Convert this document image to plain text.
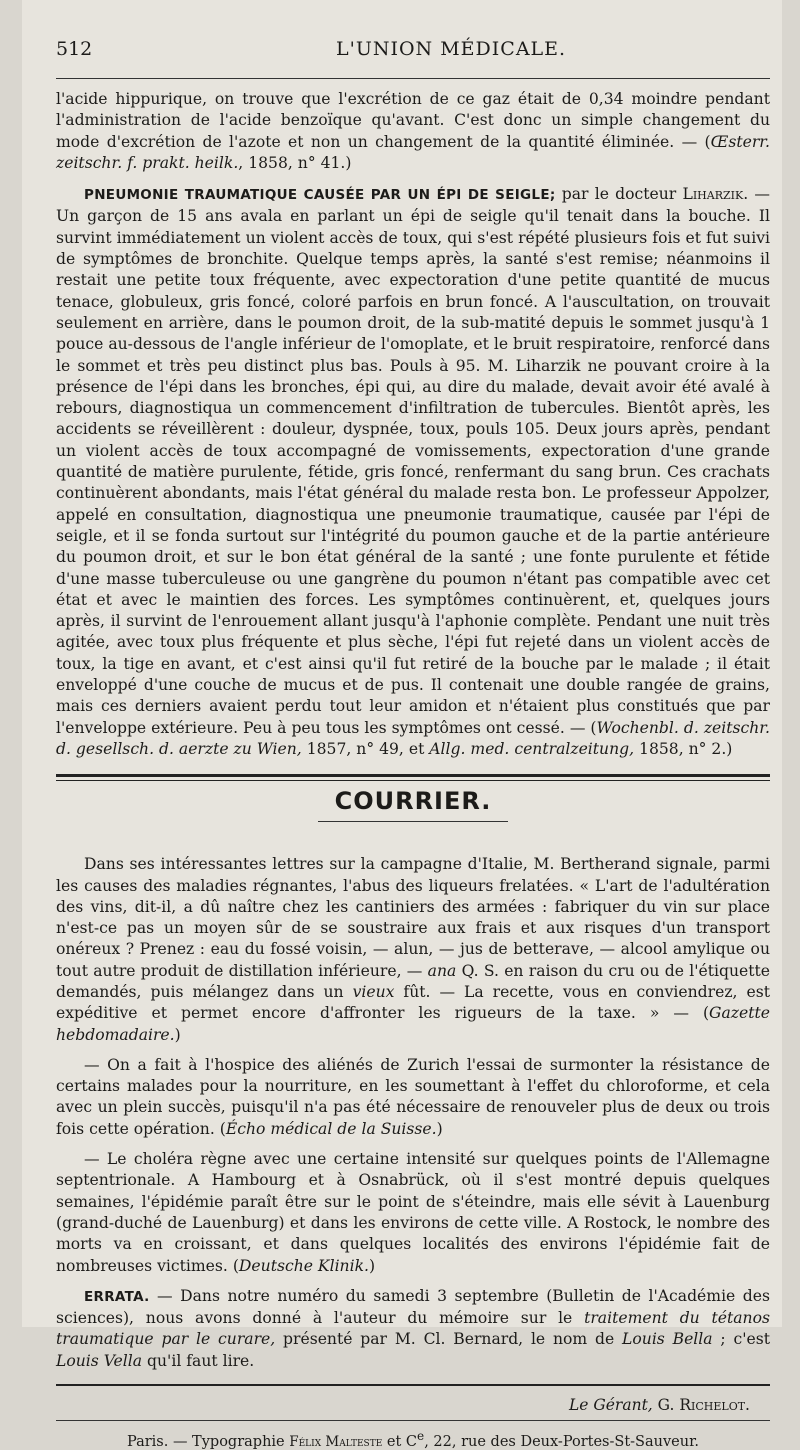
512	L'UNION MÉDICALE.

l'acide hippurique, on trouve que l'excrétion de ce gaz était de 0,34 moindre pendant l'administration de l'acide benzoïque qu'avant. C'est donc un simple changement du mode d'excrétion de l'azote et non un changement de la quantité éliminée. — (Œsterr. zeitschr. f. prakt. heilk., 1858, n° 41.)

PNEUMONIE TRAUMATIQUE CAUSÉE PAR UN ÉPI DE SEIGLE; par le docteur Liharzik. — Un garçon de 15 ans avala en parlant un épi de seigle qu'il tenait dans la bouche. Il survint immédiatement un violent accès de toux, qui s'est répété plusieurs fois et fut suivi de symptômes de bronchite. Quelque temps après, la santé s'est remise; néanmoins il restait une petite toux fréquente, avec expectoration d'une petite quantité de mucus tenace, globuleux, gris foncé, coloré parfois en brun foncé. A l'auscultation, on trouvait seulement en arrière, dans le poumon droit, de la sub-matité depuis le sommet jusqu'à 1 pouce au-dessous de l'angle inférieur de l'omoplate, et le bruit respiratoire, renforcé dans le sommet et très peu distinct plus bas. Pouls à 95. M. Liharzik ne pouvant croire à la présence de l'épi dans les bronches, épi qui, au dire du malade, devait avoir été avalé à rebours, diagnostiqua un commencement d'infiltration de tubercules. Bientôt après, les accidents se réveillèrent : douleur, dyspnée, toux, pouls 105. Deux jours après, pendant un violent accès de toux accompagné de vomissements, expectoration d'une grande quantité de matière purulente, fétide, gris foncé, renfermant du sang brun. Ces crachats continuèrent abondants, mais l'état général du malade resta bon. Le professeur Appolzer, appelé en consultation, diagnostiqua une pneumonie traumatique, causée par l'épi de seigle, et il se fonda surtout sur l'intégrité du poumon gauche et de la partie antérieure du poumon droit, et sur le bon état général de la santé ; une fonte purulente et fétide d'une masse tuberculeuse ou une gangrène du poumon n'étant pas compatible avec cet état et avec le maintien des forces. Les symptômes continuèrent, et, quelques jours après, il survint de l'enrouement allant jusqu'à l'aphonie complète. Pendant une nuit très agitée, avec toux plus fréquente et plus sèche, l'épi fut rejeté dans un violent accès de toux, la tige en avant, et c'est ainsi qu'il fut retiré de la bouche par le malade ; il était enveloppé d'une couche de mucus et de pus. Il contenait une double rangée de grains, mais ces derniers avaient perdu tout leur amidon et n'étaient plus constitués que par l'enveloppe extérieure. Peu à peu tous les symptômes ont cessé. — (Wochenbl. d. zeitschr. d. gesellsch. d. aerzte zu Wien, 1857, n° 49, et Allg. med. centralzeitung, 1858, n° 2.)

COURRIER.

Dans ses intéressantes lettres sur la campagne d'Italie, M. Bertherand signale, parmi les causes des maladies régnantes, l'abus des liqueurs frelatées. « L'art de l'adultération des vins, dit-il, a dû naître chez les cantiniers des armées : fabriquer du vin sur place n'est-ce pas un moyen sûr de se soustraire aux frais et aux risques d'un transport onéreux ? Prenez : eau du fossé voisin, — alun, — jus de betterave, — alcool amylique ou tout autre produit de distillation inférieure, — ana Q. S. en raison du cru ou de l'étiquette demandés, puis mélangez dans un vieux fût. — La recette, vous en conviendrez, est expéditive et permet encore d'affronter les rigueurs de la taxe. » — (Gazette hebdomadaire.)

— On a fait à l'hospice des aliénés de Zurich l'essai de surmonter la résistance de certains malades pour la nourriture, en les soumettant à l'effet du chloroforme, et cela avec un plein succès, puisqu'il n'a pas été nécessaire de renouveler plus de deux ou trois fois cette opération. (Écho médical de la Suisse.)

— Le choléra règne avec une certaine intensité sur quelques points de l'Allemagne septentrionale. A Hambourg et à Osnabrück, où il s'est montré depuis quelques semaines, l'épidémie paraît être sur le point de s'éteindre, mais elle sévit à Lauenburg (grand-duché de Lauenburg) et dans les environs de cette ville. A Rostock, le nombre des morts va en croissant, et dans quelques localités des environs l'épidémie fait de nombreuses victimes. (Deutsche Klinik.)

ERRATA. — Dans notre numéro du samedi 3 septembre (Bulletin de l'Académie des sciences), nous avons donné à l'auteur du mémoire sur le traitement du tétanos traumatique par le curare, présenté par M. Cl. Bernard, le nom de Louis Bella ; c'est Louis Vella qu'il faut lire.

Le Gérant, G. Richelot.
Paris. — Typographie Félix Malteste et Ce, 22, rue des Deux-Portes-St-Sauveur.
